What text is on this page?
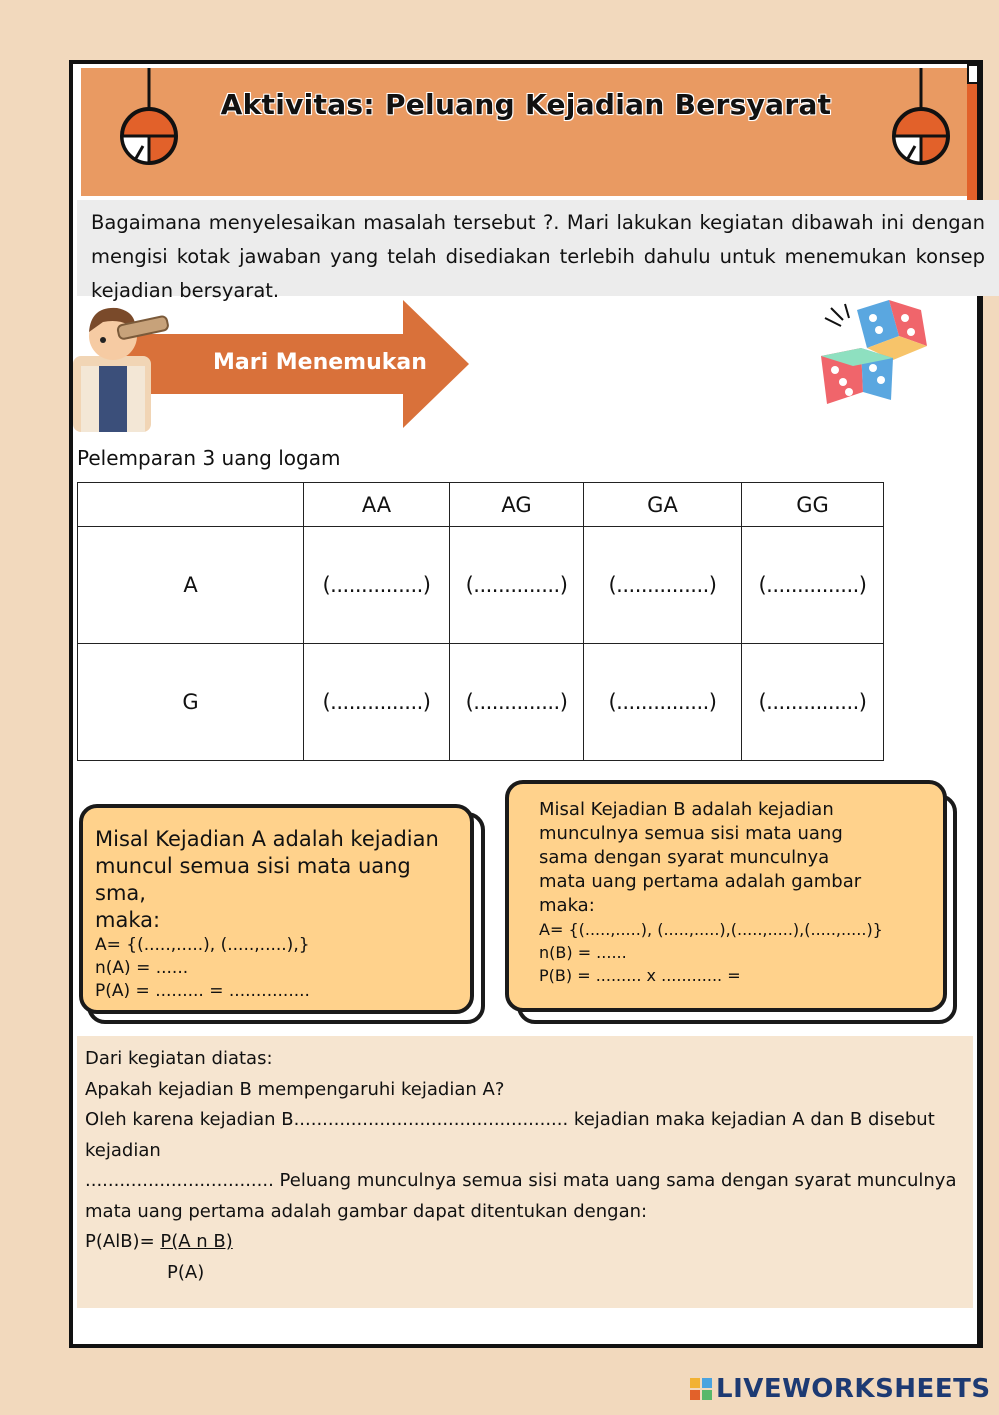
Aktivitas: Peluang Kejadian Bersyarat
Bagaimana menyelesaikan masalah tersebut ?. Mari lakukan kegiatan dibawah ini dengan mengisi kotak jawaban yang telah disediakan terlebih dahulu untuk menemukan konsep kejadian bersyarat.
Mari Menemukan
Pelemparan 3 uang logam
	AA	AG	GA	GG
A	(...............)	(..............)	(...............)	(...............)
G	(...............)	(..............)	(...............)	(...............)
Misal Kejadian A adalah kejadian
muncul semua sisi mata uang sma,
maka:
A= {(.....,.....), (.....,.....),}
n(A) = ......
P(A) = ......... = ...............
Misal Kejadian B adalah kejadian
munculnya semua sisi mata uang
sama dengan syarat munculnya
mata uang pertama adalah gambar
maka:
A= {(.....,.....), (.....,.....),(.....,.....),(.....,.....)}
n(B) = ......
P(B) = ......... x ............ =
Dari kegiatan diatas:
Apakah kejadian B mempengaruhi kejadian A?
Oleh karena kejadian B................................................ kejadian maka kejadian A dan B disebut kejadian
................................. Peluang munculnya semua sisi mata uang sama dengan syarat munculnya
mata uang pertama adalah gambar dapat ditentukan dengan:
P(AlB)= P(A n B)
P(A)
LIVEWORKSHEETS
